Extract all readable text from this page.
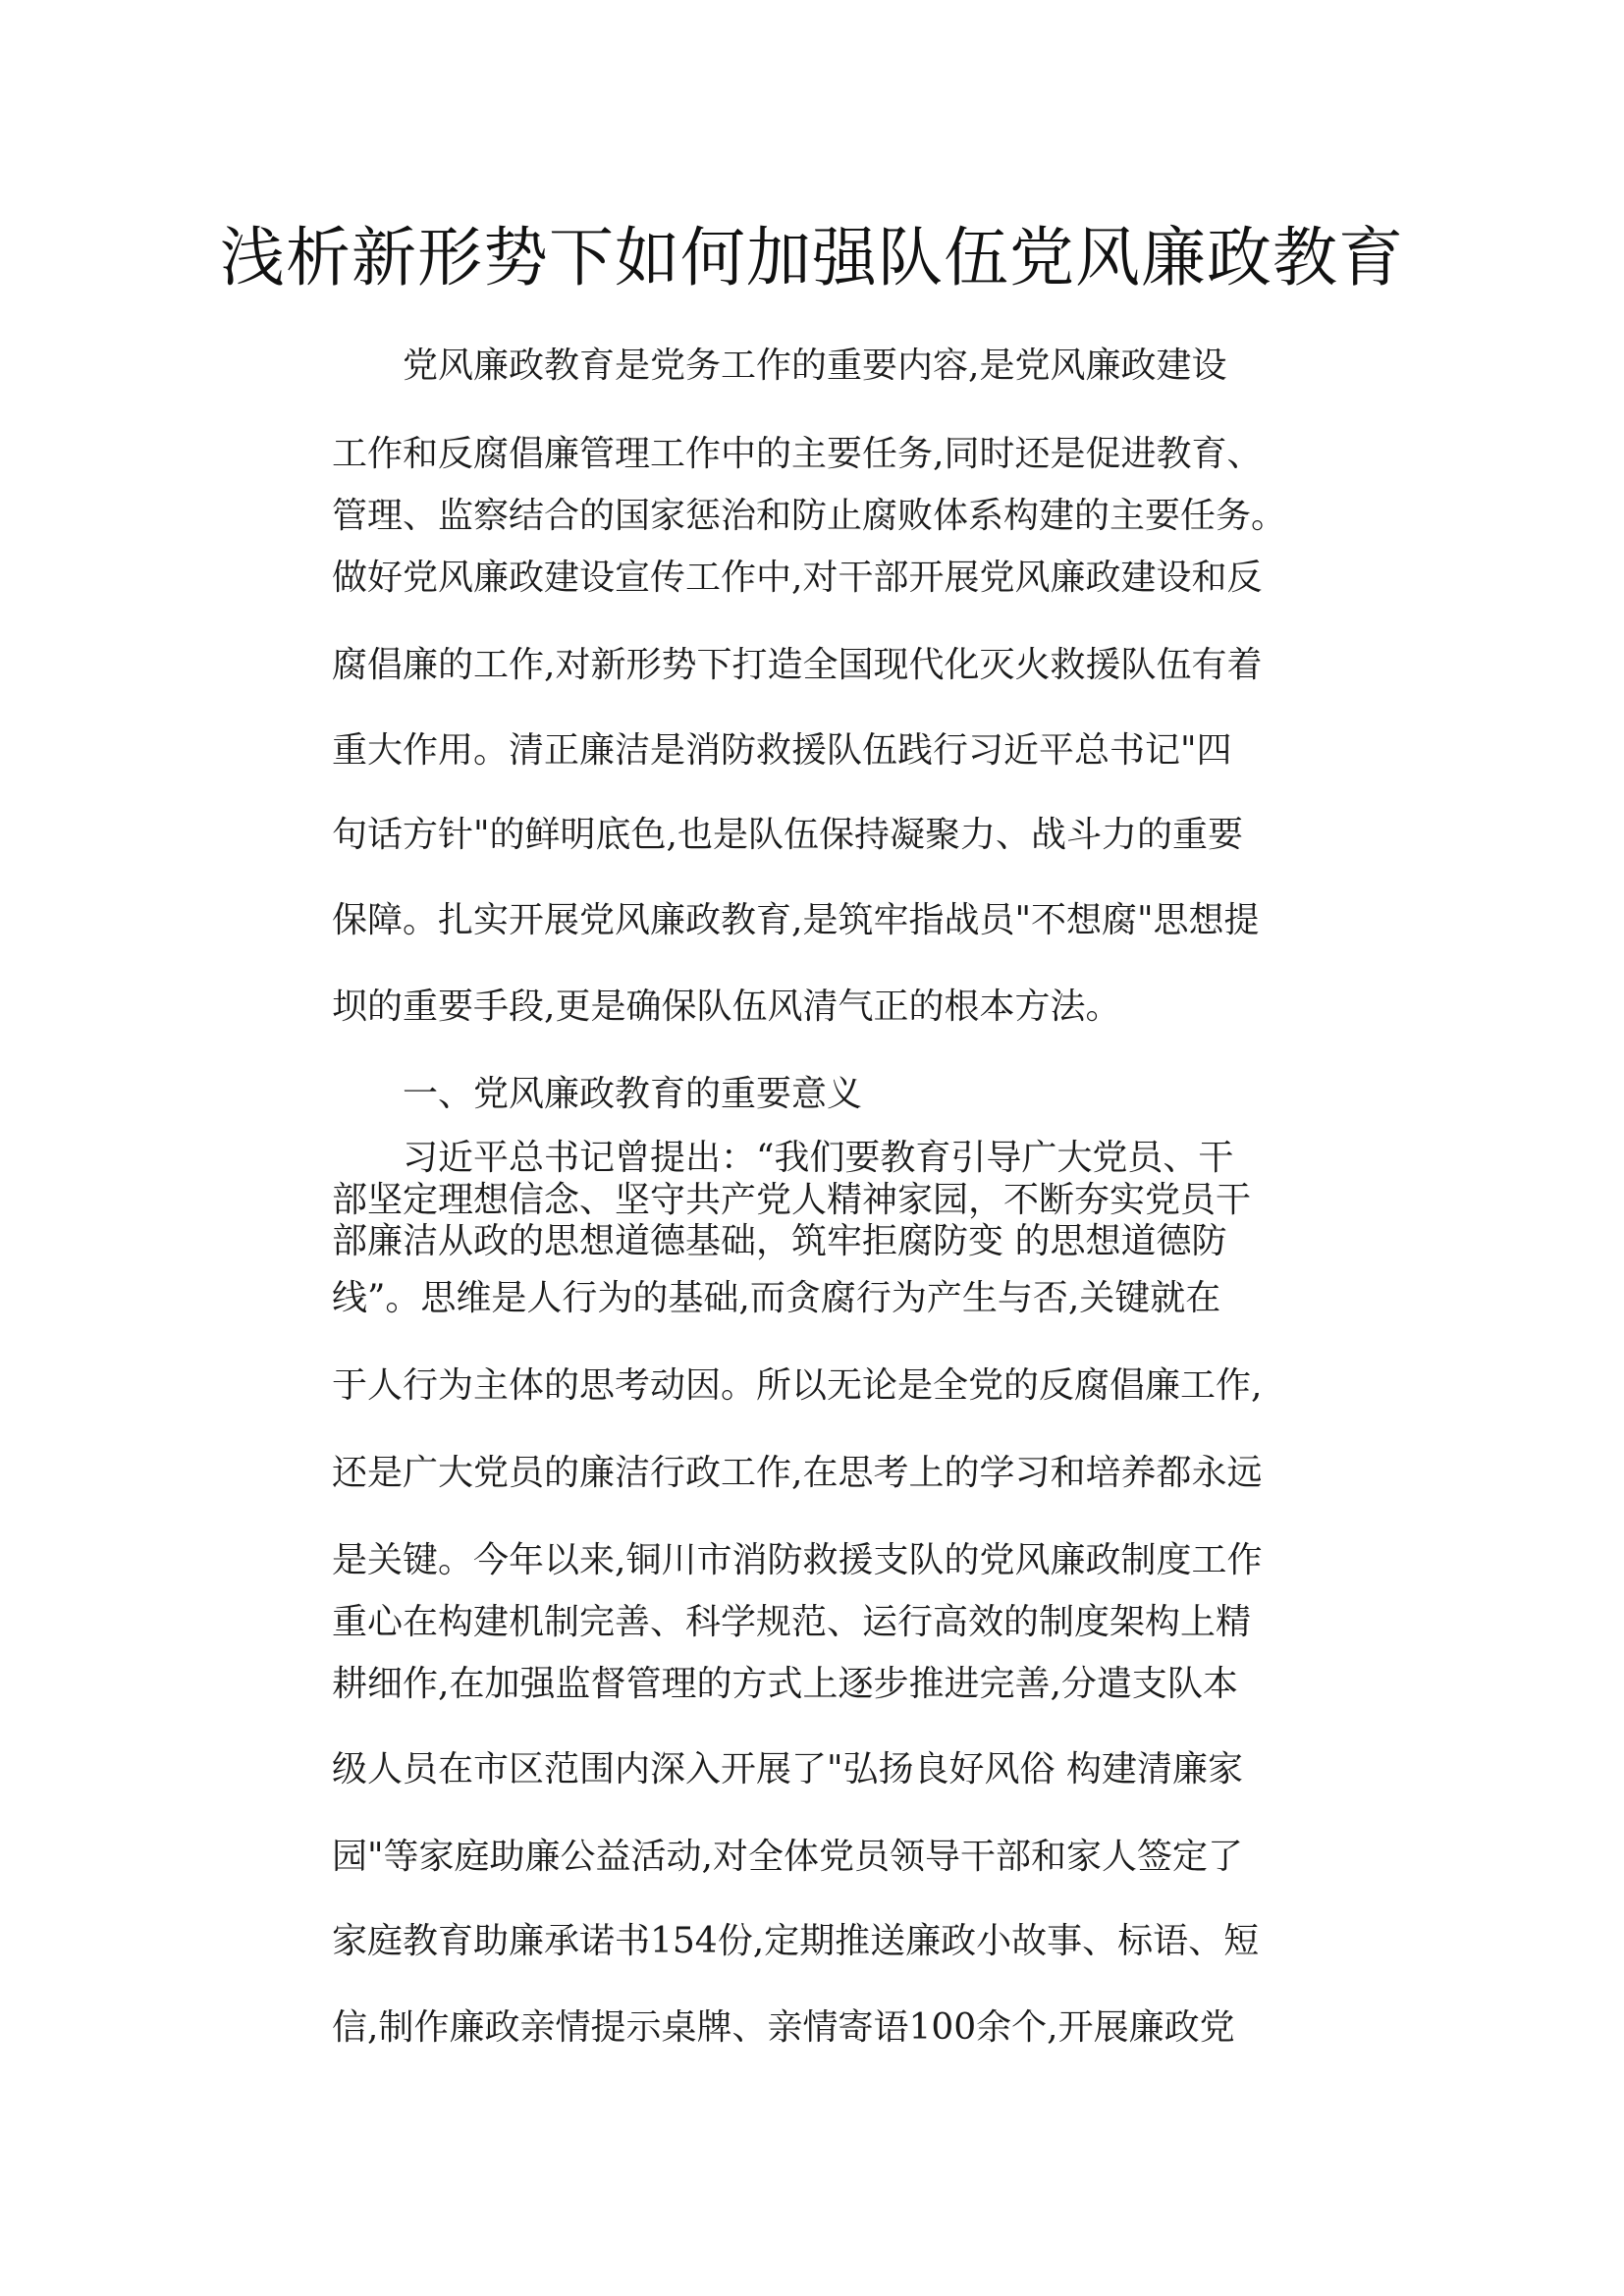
浅析新形势下如何加强队伍党风廉政教育
党风廉政教育是党务工作的重要内容,是党风廉政建设
工作和反腐倡廉管理工作中的主要任务,同时还是促进教育、
管理、监察结合的国家惩治和防止腐败体系构建的主要任务。
做好党风廉政建设宣传工作中,对干部开展党风廉政建设和反
腐倡廉的工作,对新形势下打造全国现代化灭火救援队伍有着
重大作用。清正廉洁是消防救援队伍践行习近平总书记"四
句话方针"的鲜明底色,也是队伍保持凝聚力、战斗力的重要
保障。扎实开展党风廉政教育,是筑牢指战员"不想腐"思想提
坝的重要手段,更是确保队伍风清气正的根本方法。
一、党风廉政教育的重要意义
习近平总书记曾提出：“我们要教育引导广大党员、干
部坚定理想信念、坚守共产党人精神家园，不断夯实党员干
部廉洁从政的思想道德基础，筑牢拒腐防变 的思想道德防
线”。思维是人行为的基础,而贪腐行为产生与否,关键就在
于人行为主体的思考动因。所以无论是全党的反腐倡廉工作,
还是广大党员的廉洁行政工作,在思考上的学习和培养都永远
是关键。今年以来,铜川市消防救援支队的党风廉政制度工作
重心在构建机制完善、科学规范、运行高效的制度架构上精
耕细作,在加强监督管理的方式上逐步推进完善,分遣支队本
级人员在市区范围内深入开展了"弘扬良好风俗 构建清廉家
园"等家庭助廉公益活动,对全体党员领导干部和家人签定了
家庭教育助廉承诺书154份,定期推送廉政小故事、标语、短
信,制作廉政亲情提示桌牌、亲情寄语100余个,开展廉政党
